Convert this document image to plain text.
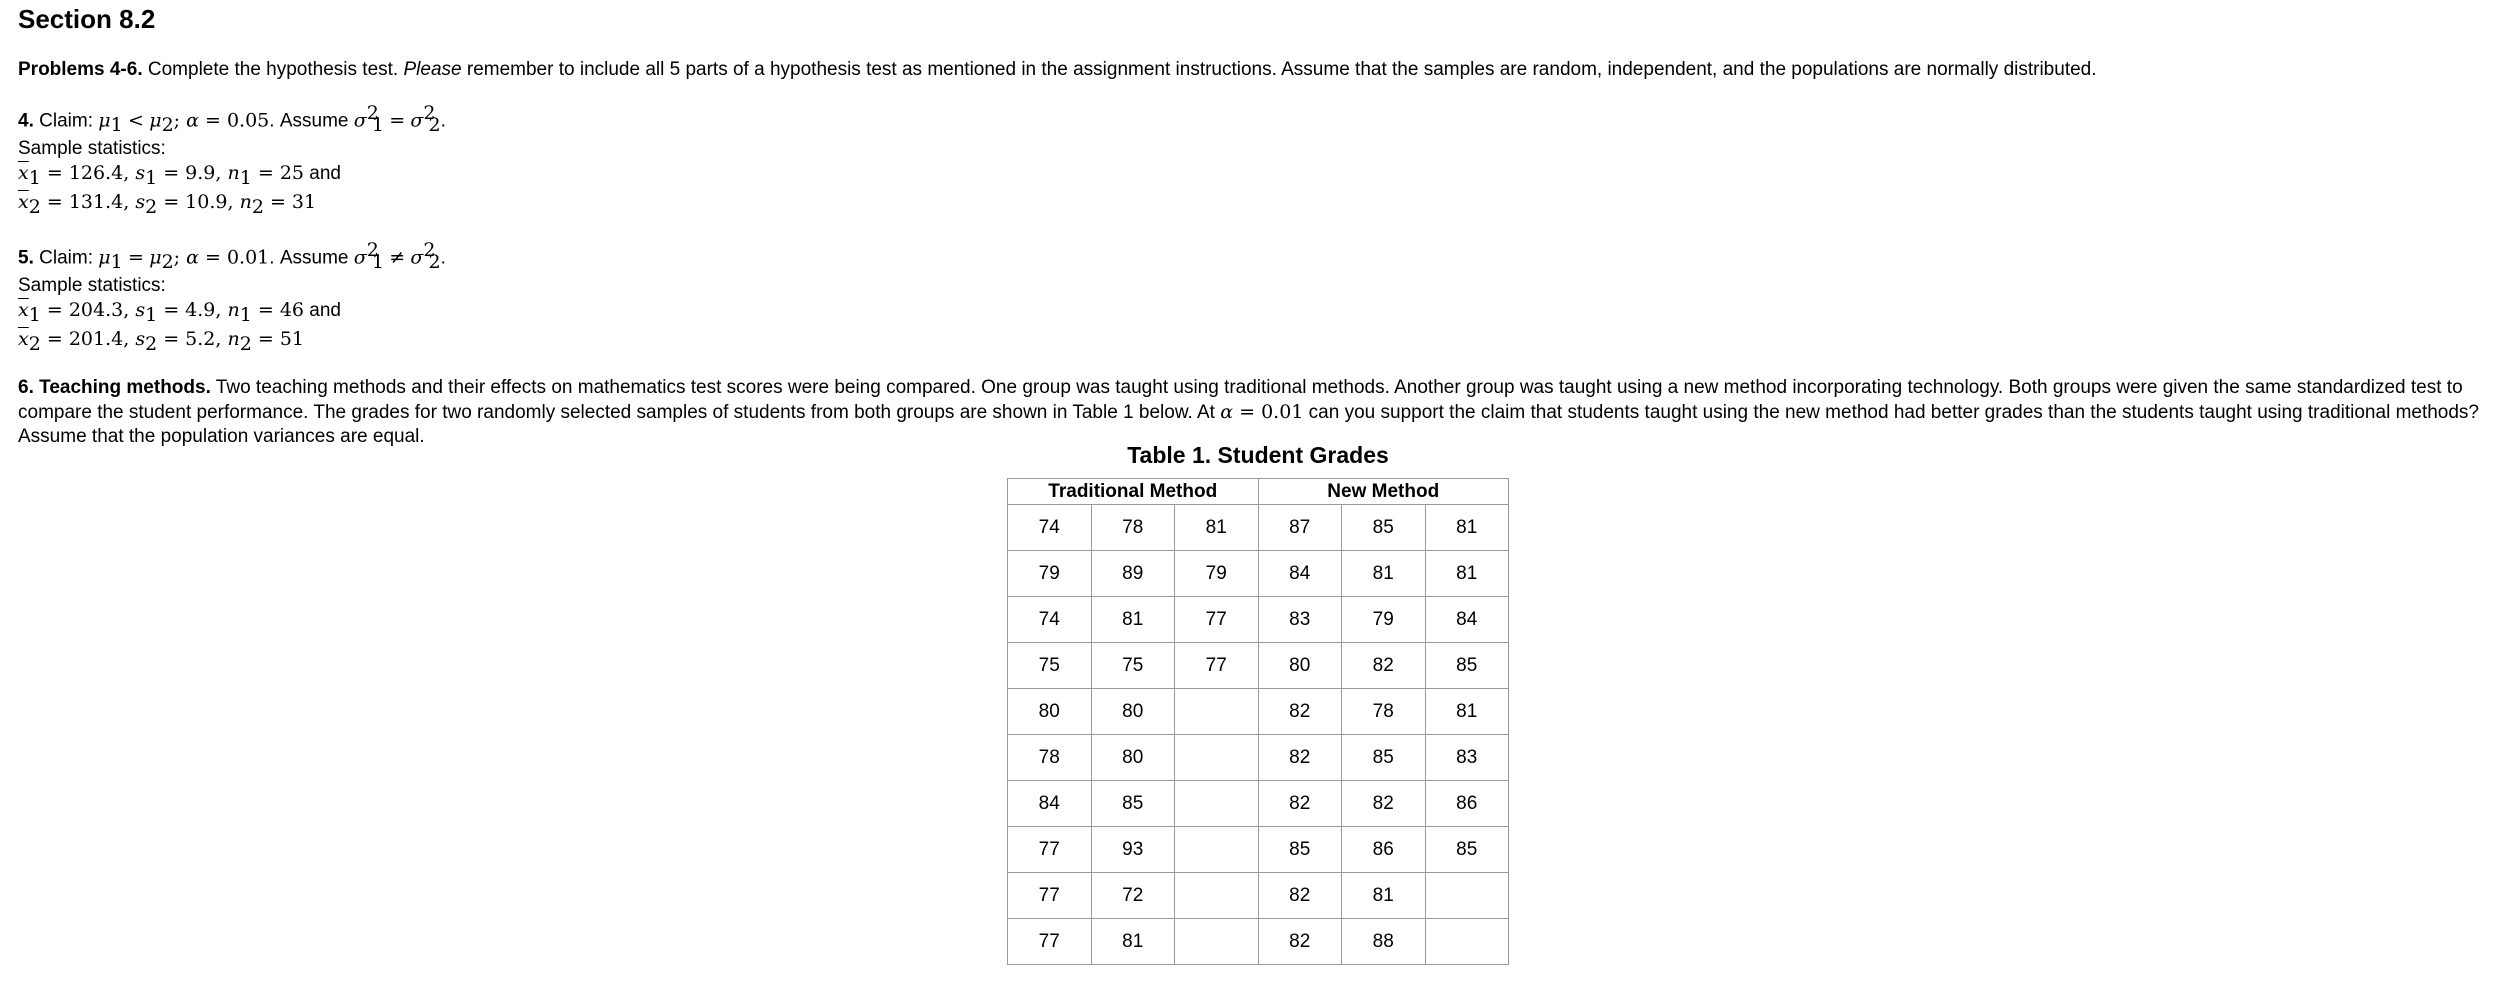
Section 8.2
Problems 4-6. Complete the hypothesis test. Please remember to include all 5 parts of a hypothesis test as mentioned in the assignment instructions. Assume that the samples are random, independent, and the populations are normally distributed.
4. Claim: $\mu_1 < \mu_2$; α = 0.05. Assume $\sigma^2_1 = \sigma^2_2$.
Sample statistics:
$\overline{x}_1 = 126.4$, $s_1 = 9.9$, $n_1 = 25$ and
$\overline{x}_2 = 131.4$, $s_2 = 10.9$, $n_2 = 31$
5. Claim: $\mu_1 = \mu_2$; α = 0.01. Assume $\sigma^2_1 \ne \sigma^2_2$.
Sample statistics:
$\overline{x}_1 = 204.3$, $s_1 = 4.9$, $n_1 = 46$ and
$\overline{x}_2 = 201.4$, $s_2 = 5.2$, $n_2 = 51$
6. Teaching methods. Two teaching methods and their effects on mathematics test scores were being compared. One group was taught using traditional methods. Another group was taught using a new method incorporating technology. Both groups were given the same standardized test to compare the student performance. The grades for two randomly selected samples of students from both groups are shown in Table 1 below. At α = 0.01 can you support the claim that students taught using the new method had better grades than the students taught using traditional methods? Assume that the population variances are equal.
Table 1. Student Grades
Traditional Method			New Method		
74	78	81	87	85	81
79	89	79	84	81	81
74	81	77	83	79	84
75	75	77	80	82	85
80	80		82	78	81
78	80		82	85	83
84	85		82	82	86
77	93		85	86	85
77	72		82	81	
77	81		82	88	
